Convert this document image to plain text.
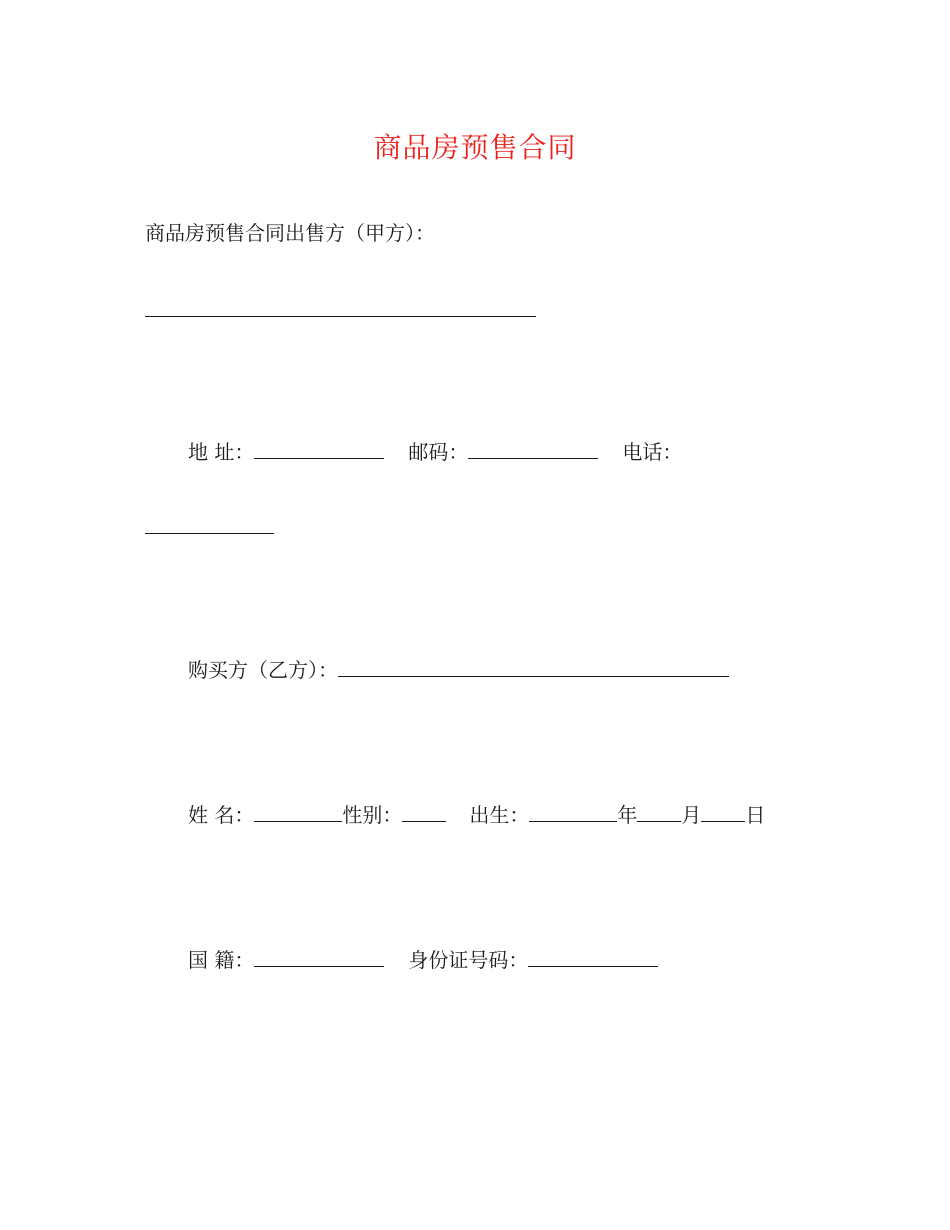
商品房预售合同
商品房预售合同出售方（甲方）：
地 址：	邮码：	电话：
购买方（乙方）：
姓 名：	性别：	出生：	年 月 日
国 籍：	身份证号码：
